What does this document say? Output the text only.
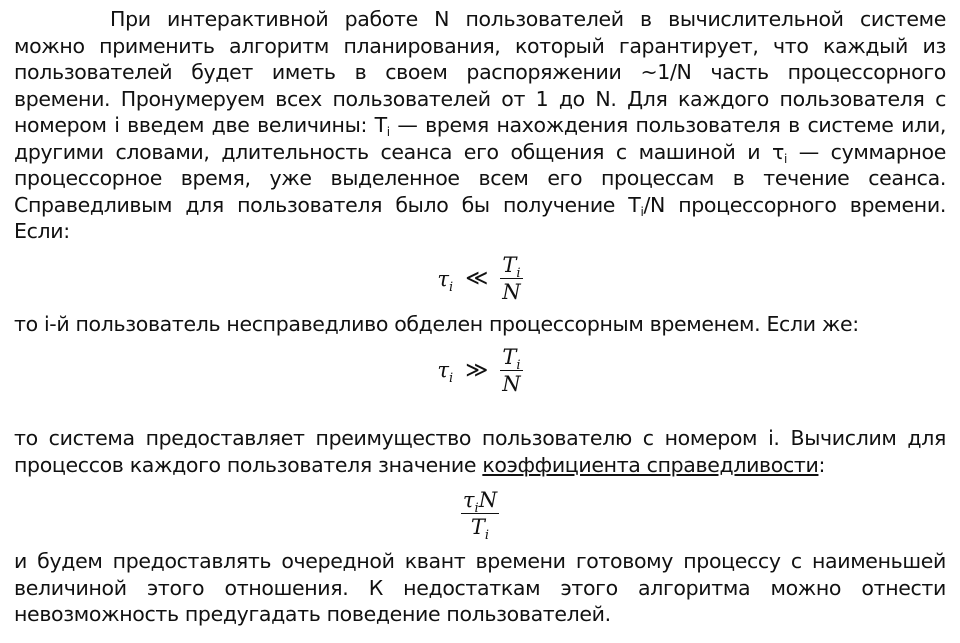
При интерактивной работе N пользователей в вычислительной системе можно применить алгоритм планирования, который гарантирует, что каждый из пользователей будет иметь в своем распоряжении ~1/N часть процессорного времени. Пронумеруем всех пользователей от 1 до N. Для каждого пользователя с номером i введем две величины: $T_i$ — время нахождения пользователя в системе или, другими словами, длительность сеанса его общения с машиной и $\tau_i$ — суммарное процессорное время, уже выделенное всем его процессам в течение сеанса. Справедливым для пользователя было бы получение $T_i/N$ процессорного времени. Если:

$\tau_i$ ≪ $\frac{T_i}{N}$

то i-й пользователь несправедливо обделен процессорным временем. Если же:

$\tau_i$ ≫ $\frac{T_i}{N}$

то система предоставляет преимущество пользователю с номером i. Вычислим для процессов каждого пользователя значение коэффициента справедливости:

$\frac{\tau_iN}{T_i}$

и будем предоставлять очередной квант времени готовому процессу с наименьшей величиной этого отношения. К недостаткам этого алгоритма можно отнести невозможность предугадать поведение пользователей.
